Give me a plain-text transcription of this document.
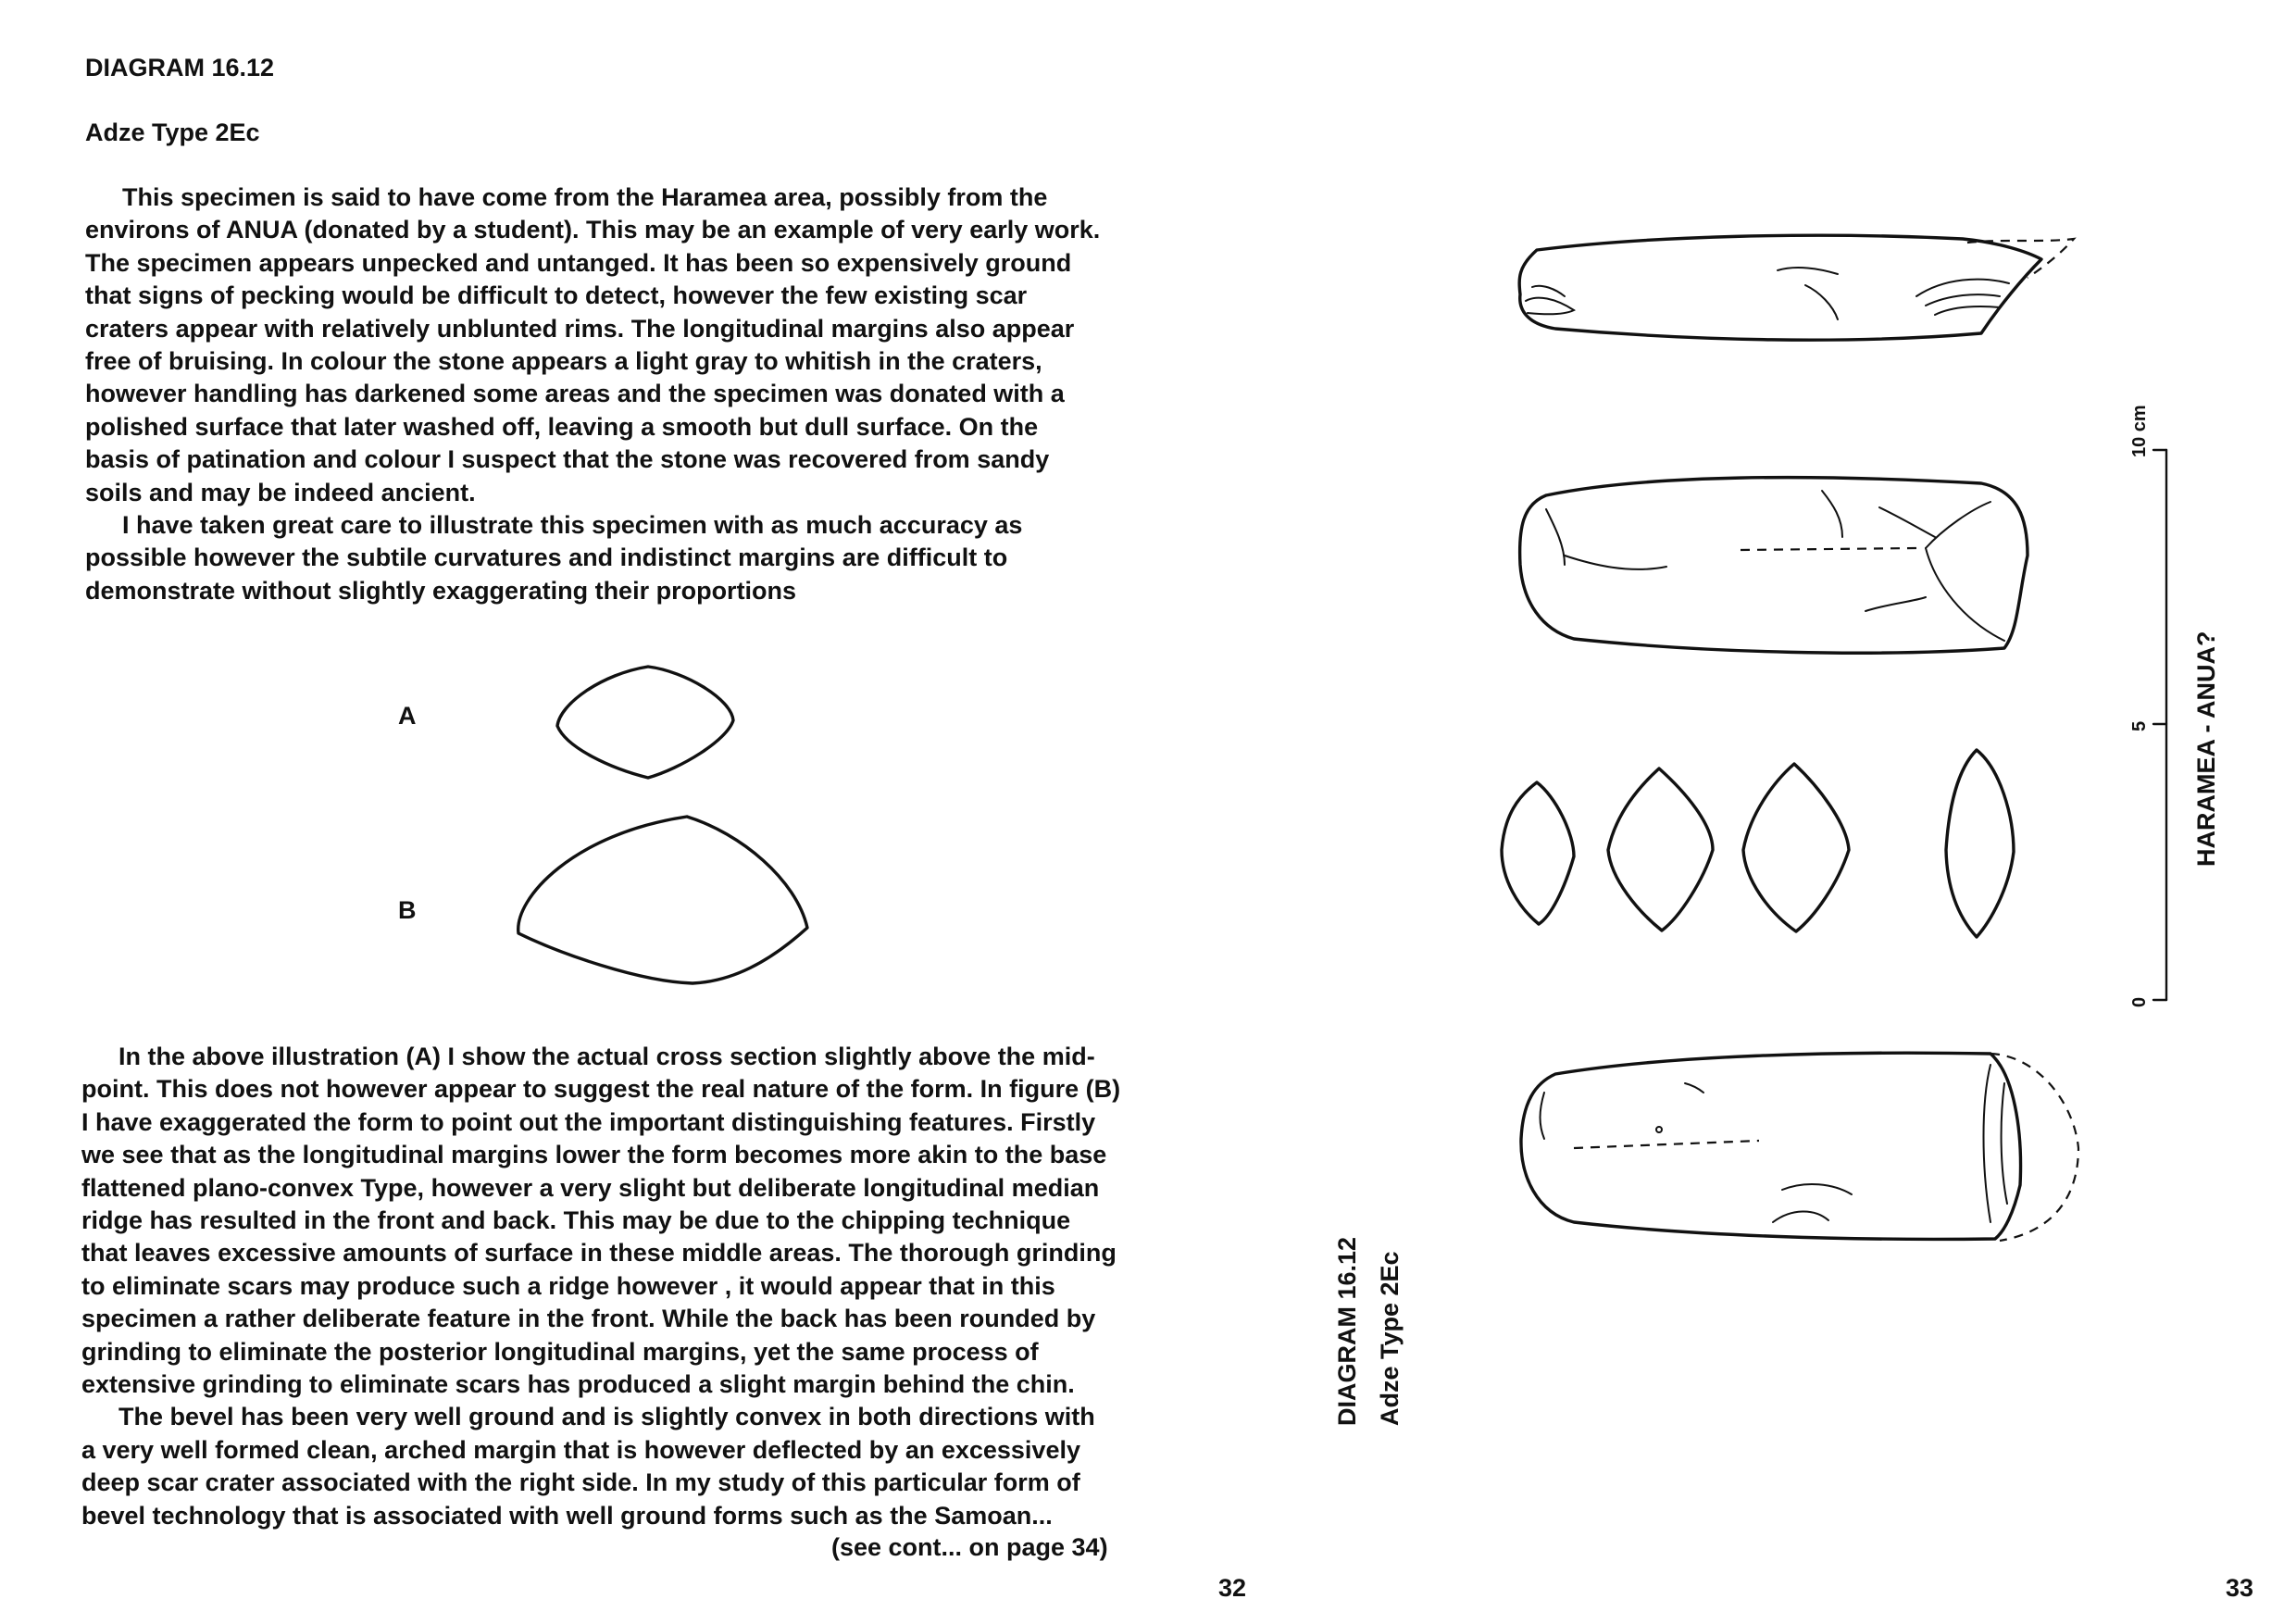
DIAGRAM 16.12
Adze Type 2Ec

This specimen is said to have come from the Haramea area, possibly from the

environs of ANUA (donated by a student). This may be an example of very early work.

The specimen appears unpecked and untanged. It has been so expensively ground

that signs of pecking would be difficult to detect, however the few existing scar

craters appear with relatively unblunted rims. The longitudinal margins also appear

free of bruising. In colour the stone appears a light gray to whitish in the craters,

however handling has darkened some areas and the specimen was donated with a

polished surface that later washed off, leaving a smooth but dull surface. On the

basis of patination and colour I suspect that the stone was recovered from sandy

soils and may be indeed ancient.

I have taken great care to illustrate this specimen with as much accuracy as

possible however the subtile curvatures and indistinct margins are difficult to

demonstrate without slightly exaggerating their proportions

A
B

In the above illustration (A) I show the actual cross section slightly above the mid-

point. This does not however appear to suggest the real nature of the form. In figure (B)

I have exaggerated the form to point out the important distinguishing features. Firstly

we see that as the longitudinal margins lower the form becomes more akin to the base

flattened plano-convex Type, however a very slight but deliberate longitudinal median

ridge has resulted in the front and back. This may be due to the chipping technique

that leaves excessive amounts of surface in these middle areas. The thorough grinding

to eliminate scars may produce such a ridge however , it would appear that in this

specimen a rather deliberate feature in the front. While the back has been rounded by

grinding to eliminate the posterior longitudinal margins, yet the same process of

extensive grinding to eliminate scars has produced a slight margin behind the chin.

The bevel has been very well ground and is slightly convex in both directions with

a very well formed clean, arched margin that is however deflected by an excessively

deep scar crater associated with the right side. In my study of this particular form of

bevel technology that is associated with well ground forms such as the Samoan...

(see cont... on page 34)
32
DIAGRAM 16.12 Adze Type 2Ec
0
5
10 cm
HARAMEA - ANUA?
33
